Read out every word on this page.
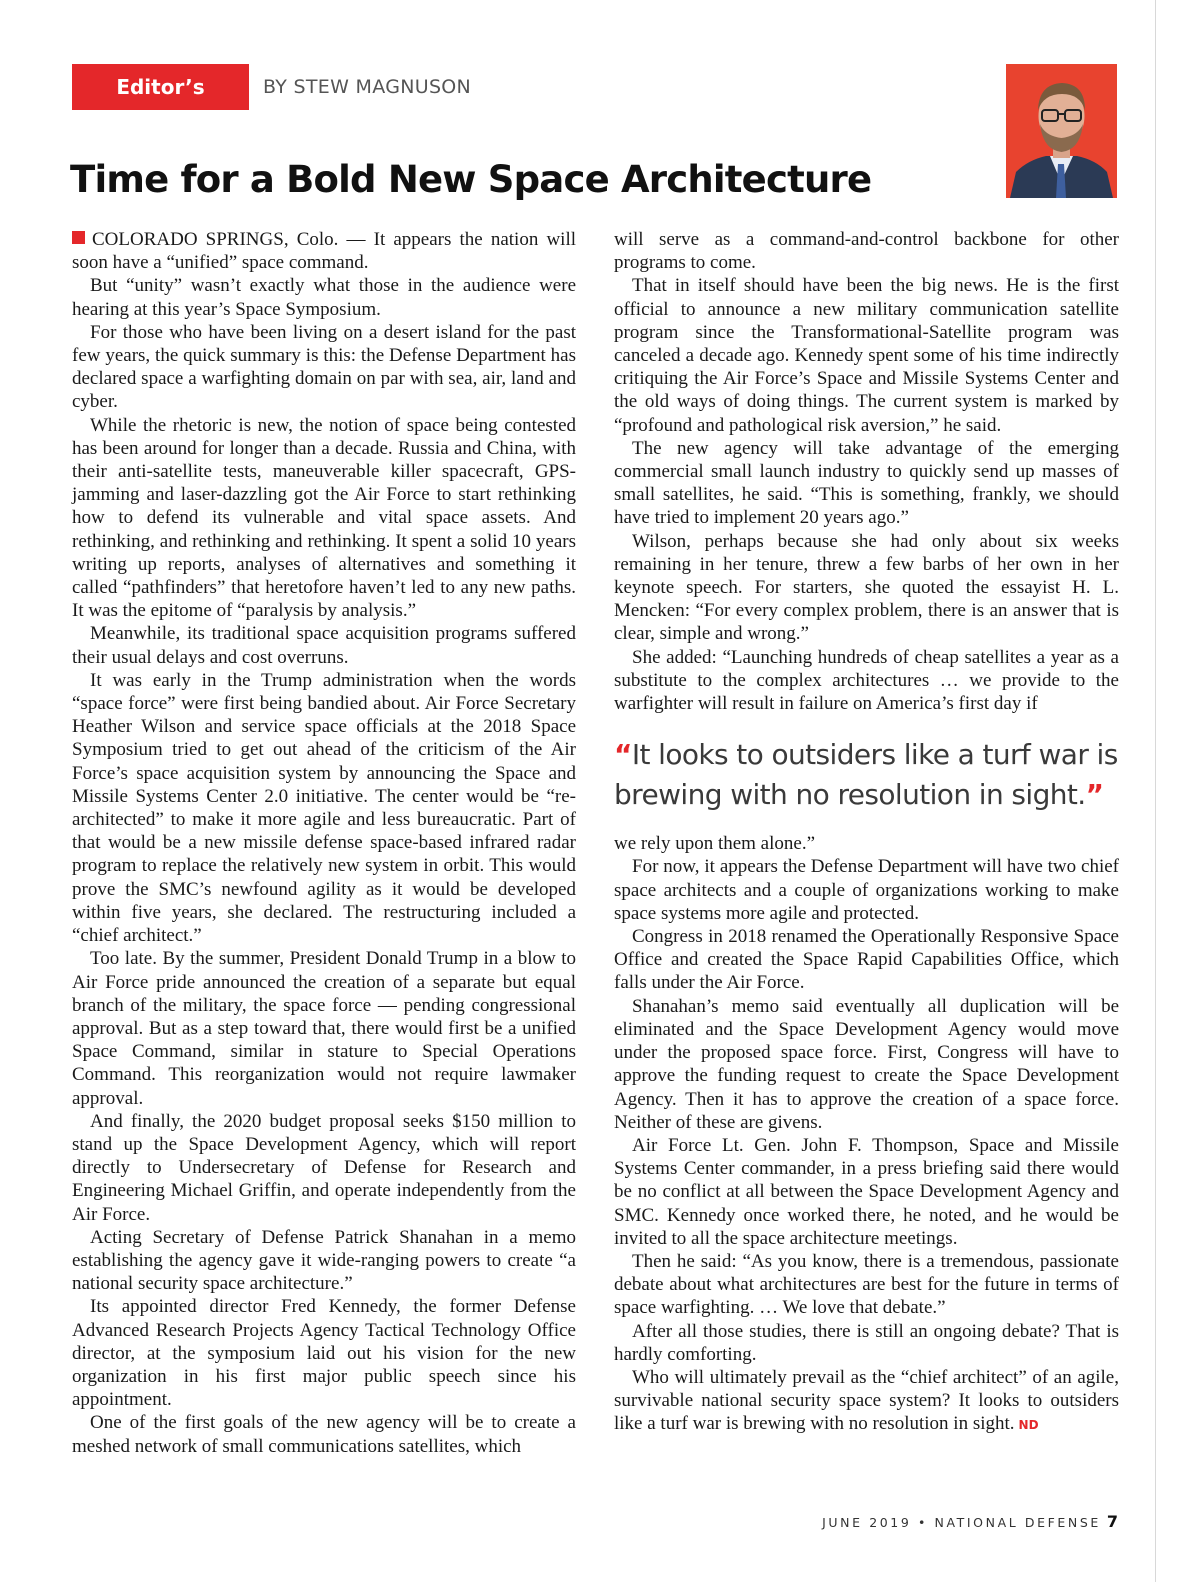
Editor’s Notes
BY STEW MAGNUSON
Time for a Bold New Space Architecture

COLORADO SPRINGS, Colo. — It appears the nation will soon have a “unified” space command.

But “unity” wasn’t exactly what those in the audience were hearing at this year’s Space Symposium.

For those who have been living on a desert island for the past few years, the quick summary is this: the Defense Department has declared space a warfighting domain on par with sea, air, land and cyber.

While the rhetoric is new, the notion of space being contested has been around for longer than a decade. Russia and China, with their anti-satellite tests, maneuverable killer spacecraft, GPS-jamming and laser-dazzling got the Air Force to start rethinking how to defend its vulnerable and vital space assets. And rethinking, and rethinking and rethinking. It spent a solid 10 years writing up reports, analyses of alternatives and something it called “pathfinders” that heretofore haven’t led to any new paths. It was the epitome of “paralysis by analysis.”

Meanwhile, its traditional space acquisition programs suffered their usual delays and cost overruns.

It was early in the Trump administration when the words “space force” were first being bandied about. Air Force Secretary Heather Wilson and service space officials at the 2018 Space Symposium tried to get out ahead of the criticism of the Air Force’s space acquisition system by announcing the Space and Missile Systems Center 2.0 initiative. The center would be “re-architected” to make it more agile and less bureaucratic. Part of that would be a new missile defense space-based infrared radar program to replace the relatively new system in orbit. This would prove the SMC’s newfound agility as it would be developed within five years, she declared. The restructuring included a “chief architect.”

Too late. By the summer, President Donald Trump in a blow to Air Force pride announced the creation of a separate but equal branch of the military, the space force — pending congressional approval. But as a step toward that, there would first be a unified Space Command, similar in stature to Special Operations Command. This reorganization would not require lawmaker approval.

And finally, the 2020 budget proposal seeks $150 million to stand up the Space Development Agency, which will report directly to Undersecretary of Defense for Research and Engineering Michael Griffin, and operate independently from the Air Force.

Acting Secretary of Defense Patrick Shanahan in a memo establishing the agency gave it wide-ranging powers to create “a national security space architecture.”

Its appointed director Fred Kennedy, the former Defense Advanced Research Projects Agency Tactical Technology Office director, at the symposium laid out his vision for the new organization in his first major public speech since his appointment.

One of the first goals of the new agency will be to create a meshed network of small communications satellites, which

will serve as a command-and-control backbone for other programs to come.

That in itself should have been the big news. He is the first official to announce a new military communication satellite program since the Transformational-Satellite program was canceled a decade ago. Kennedy spent some of his time indirectly critiquing the Air Force’s Space and Missile Systems Center and the old ways of doing things. The current system is marked by “profound and pathological risk aversion,” he said.

The new agency will take advantage of the emerging commercial small launch industry to quickly send up masses of small satellites, he said. “This is something, frankly, we should have tried to implement 20 years ago.”

Wilson, perhaps because she had only about six weeks remaining in her tenure, threw a few barbs of her own in her keynote speech. For starters, she quoted the essayist H. L. Mencken: “For every complex problem, there is an answer that is clear, simple and wrong.”

She added: “Launching hundreds of cheap satellites a year as a substitute to the complex architectures … we provide to the warfighter will result in failure on America’s first day if

“It looks to outsiders like a turf war is brewing with no resolution in sight.”

we rely upon them alone.”

For now, it appears the Defense Department will have two chief space architects and a couple of organizations working to make space systems more agile and protected.

Congress in 2018 renamed the Operationally Responsive Space Office and created the Space Rapid Capabilities Office, which falls under the Air Force.

Shanahan’s memo said eventually all duplication will be eliminated and the Space Development Agency would move under the proposed space force. First, Congress will have to approve the funding request to create the Space Development Agency. Then it has to approve the creation of a space force. Neither of these are givens.

Air Force Lt. Gen. John F. Thompson, Space and Missile Systems Center commander, in a press briefing said there would be no conflict at all between the Space Development Agency and SMC. Kennedy once worked there, he noted, and he would be invited to all the space architecture meetings.

Then he said: “As you know, there is a tremendous, passionate debate about what architectures are best for the future in terms of space warfighting. … We love that debate.”

After all those studies, there is still an ongoing debate? That is hardly comforting.

Who will ultimately prevail as the “chief architect” of an agile, survivable national security space system? It looks to outsiders like a turf war is brewing with no resolution in sight. ND

JUNE 2019 • NATIONAL DEFENSE 7
